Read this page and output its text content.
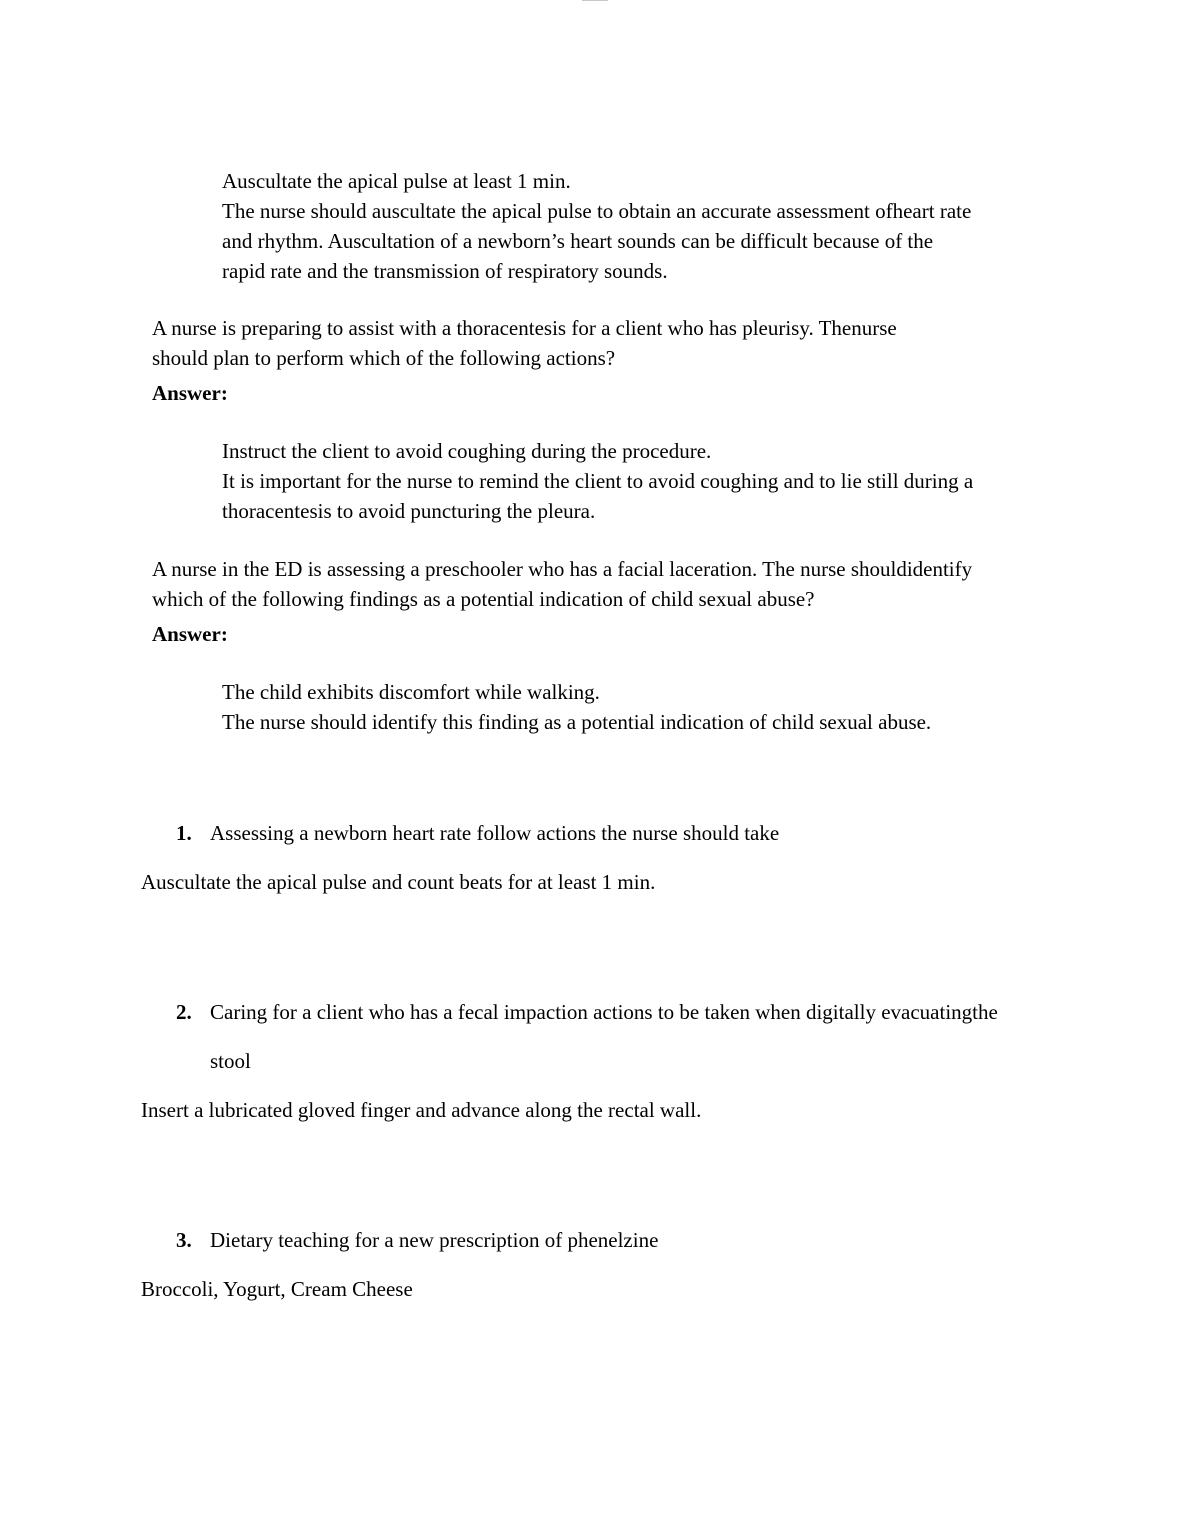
Auscultate the apical pulse at least 1 min.
The nurse should auscultate the apical pulse to obtain an accurate assessment ofheart rate
and rhythm. Auscultation of a newborn’s heart sounds can be difficult because of the
rapid rate and the transmission of respiratory sounds.
A nurse is preparing to assist with a thoracentesis for a client who has pleurisy. Thenurse
should plan to perform which of the following actions?
Answer:
Instruct the client to avoid coughing during the procedure.
It is important for the nurse to remind the client to avoid coughing and to lie still during a
thoracentesis to avoid puncturing the pleura.
A nurse in the ED is assessing a preschooler who has a facial laceration. The nurse shouldidentify
which of the following findings as a potential indication of child sexual abuse?
Answer:
The child exhibits discomfort while walking.
The nurse should identify this finding as a potential indication of child sexual abuse.
1. Assessing a newborn heart rate follow actions the nurse should take
Auscultate the apical pulse and count beats for at least 1 min.
2. Caring for a client who has a fecal impaction actions to be taken when digitally evacuatingthe
stool
Insert a lubricated gloved finger and advance along the rectal wall.
3. Dietary teaching for a new prescription of phenelzine
Broccoli, Yogurt, Cream Cheese
